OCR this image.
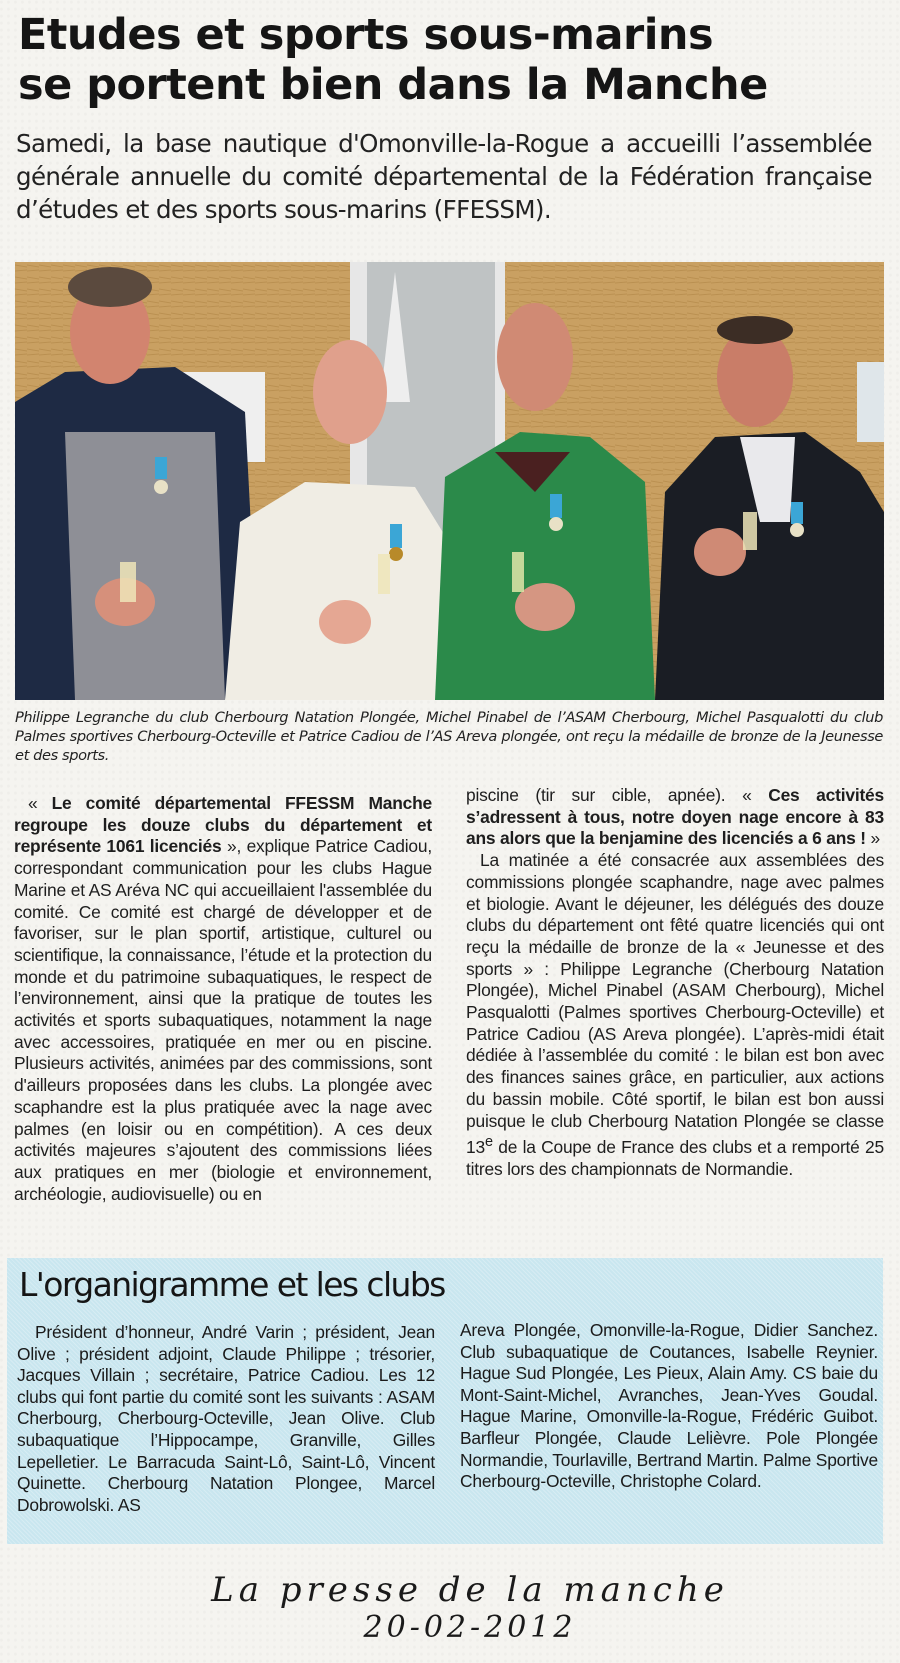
Etudes et sports sous-marins
se portent bien dans la Manche

Samedi, la base nautique d'Omonville-la-Rogue a accueilli l’assemblée générale annuelle du comité départemental de la Fédération française d’études et des sports sous-marins (FFESSM).

Philippe Legranche du club Cherbourg Natation Plongée, Michel Pinabel de l’ASAM Cherbourg, Michel Pasqualotti du club Palmes sportives Cherbourg-Octeville et Patrice Cadiou de l’AS Areva plongée, ont reçu la médaille de bronze de la Jeunesse et des sports.

« Le comité départemental FFESSM Manche regroupe les douze clubs du département et représente 1061 licenciés », explique Patrice Cadiou, correspondant communication pour les clubs Hague Marine et AS Aréva NC qui accueillaient l'assemblée du comité. Ce comité est chargé de développer et de favoriser, sur le plan sportif, artistique, culturel ou scientifique, la connaissance, l’étude et la protection du monde et du patrimoine subaquatiques, le respect de l’environnement, ainsi que la pratique de toutes les activités et sports subaquatiques, notamment la nage avec accessoires, pratiquée en mer ou en piscine. Plusieurs activités, animées par des commissions, sont d'ailleurs proposées dans les clubs. La plongée avec scaphandre est la plus pratiquée avec la nage avec palmes (en loisir ou en compétition). A ces deux activités majeures s’ajoutent des commissions liées aux pratiques en mer (biologie et environnement, archéologie, audiovisuelle) ou en

piscine (tir sur cible, apnée). « Ces activités s’adressent à tous, notre doyen nage encore à 83 ans alors que la benjamine des licenciés a 6 ans ! »

La matinée a été consacrée aux assemblées des commissions plongée scaphandre, nage avec palmes et biologie. Avant le déjeuner, les délégués des douze clubs du département ont fêté quatre licenciés qui ont reçu la médaille de bronze de la « Jeunesse et des sports » : Philippe Legranche (Cherbourg Natation Plongée), Michel Pinabel (ASAM Cherbourg), Michel Pasqualotti (Palmes sportives Cherbourg-Octeville) et Patrice Cadiou (AS Areva plongée). L’après-midi était dédiée à l’assemblée du comité : le bilan est bon avec des finances saines grâce, en particulier, aux actions du bassin mobile. Côté sportif, le bilan est bon aussi puisque le club Cherbourg Natation Plongée se classe 13e de la Coupe de France des clubs et a remporté 25 titres lors des championnats de Normandie.

L'organigramme et les clubs

Président d’honneur, André Varin ; président, Jean Olive ; président adjoint, Claude Philippe ; trésorier, Jacques Villain ; secrétaire, Patrice Cadiou. Les 12 clubs qui font partie du comité sont les suivants : ASAM Cherbourg, Cherbourg-Octeville, Jean Olive. Club subaquatique l’Hippocampe, Granville, Gilles Lepelletier. Le Barracuda Saint-Lô, Saint-Lô, Vincent Quinette. Cherbourg Natation Plongee, Marcel Dobrowolski. AS

Areva Plongée, Omonville-la-Rogue, Didier Sanchez. Club subaquatique de Coutances, Isabelle Reynier. Hague Sud Plongée, Les Pieux, Alain Amy. CS baie du Mont-Saint-Michel, Avranches, Jean-Yves Goudal. Hague Marine, Omonville-la-Rogue, Frédéric Guibot. Barfleur Plongée, Claude Lelièvre. Pole Plongée Normandie, Tourlaville, Bertrand Martin. Palme Sportive Cherbourg-Octeville, Christophe Colard.

La presse de la manche
20-02-2012
